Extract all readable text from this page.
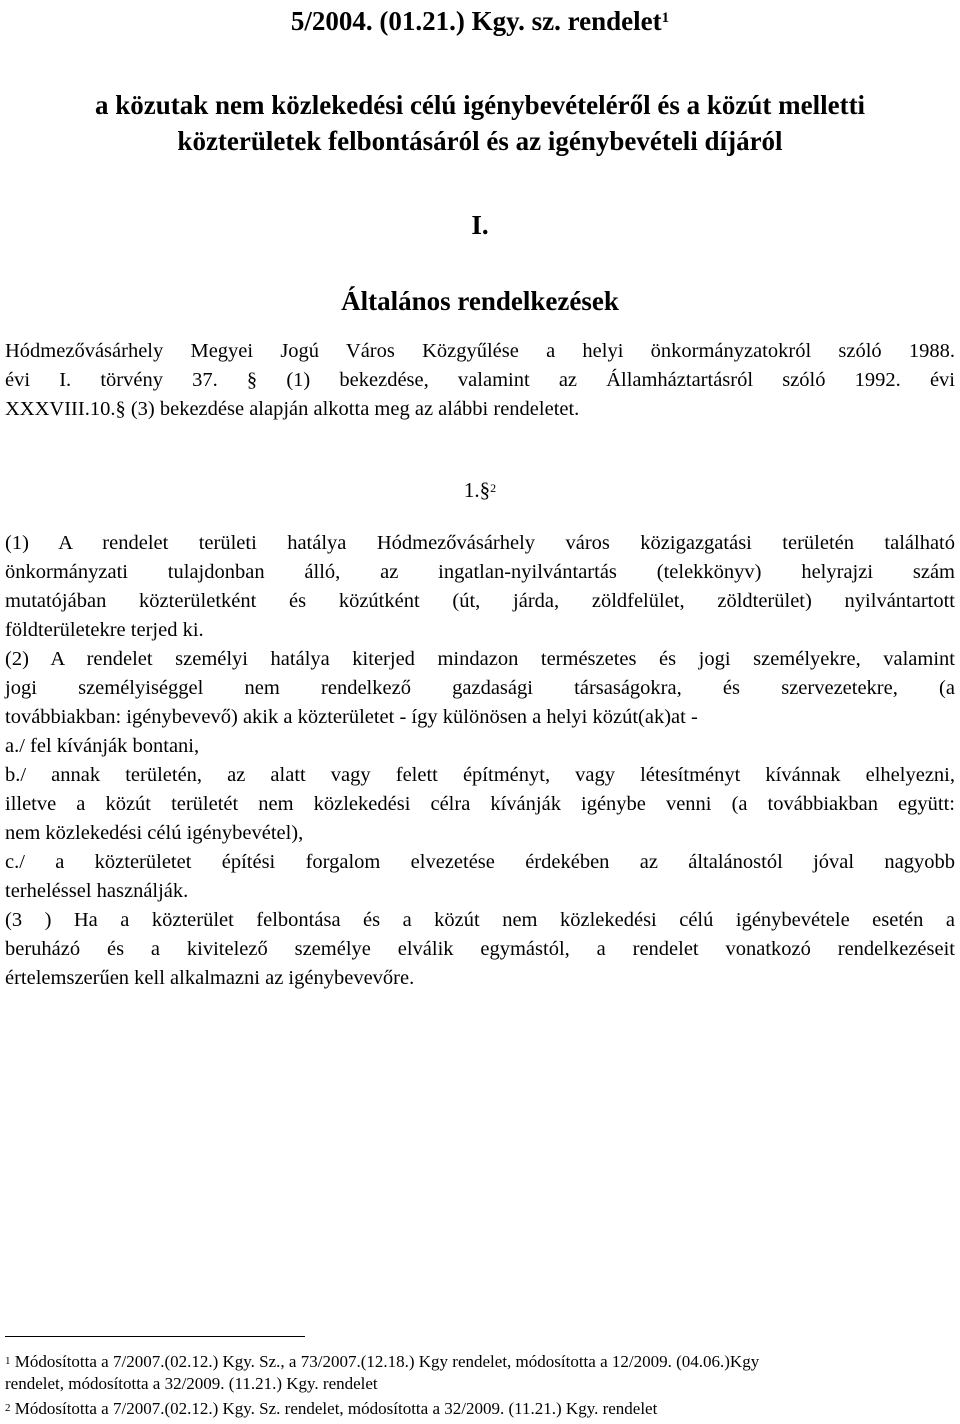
5/2004. (01.21.) Kgy. sz. rendelet$^1$
a közutak nem közlekedési célú igénybevételéről és a közút melletti
közterületek felbontásáról és az igénybevételi díjáról
I.
Általános rendelkezések
Hódmezővásárhely Megyei Jogú Város Közgyűlése a helyi önkormányzatokról szóló 1988.
évi I. törvény 37. § (1) bekezdése, valamint az Államháztartásról szóló 1992. évi
XXXVIII.10.§ (3) bekezdése alapján alkotta meg az alábbi rendeletet.
1.§$^2$
(1) A rendelet területi hatálya Hódmezővásárhely város közigazgatási területén található
önkormányzati tulajdonban álló, az ingatlan-nyilvántartás (telekkönyv) helyrajzi szám
mutatójában közterületként és közútként (út, járda, zöldfelület, zöldterület) nyilvántartott
földterületekre terjed ki.
(2) A rendelet személyi hatálya kiterjed mindazon természetes és jogi személyekre, valamint
jogi személyiséggel nem rendelkező gazdasági társaságokra, és szervezetekre, (a
továbbiakban: igénybevevő) akik a közterületet - így különösen a helyi közút(ak)at -
a./ fel kívánják bontani,
b./ annak területén, az alatt vagy felett építményt, vagy létesítményt kívánnak elhelyezni,
illetve a közút területét nem közlekedési célra kívánják igénybe venni (a továbbiakban együtt:
nem közlekedési célú igénybevétel),
c./ a közterületet építési forgalom elvezetése érdekében az általánostól jóval nagyobb
terheléssel használják.
(3 ) Ha a közterület felbontása és a közút nem közlekedési célú igénybevétele esetén a
beruházó és a kivitelező személye elválik egymástól, a rendelet vonatkozó rendelkezéseit
értelemszerűen kell alkalmazni az igénybevevőre.
$^1$ Módosította a 7/2007.(02.12.) Kgy. Sz., a 73/2007.(12.18.) Kgy rendelet, módosította a 12/2009. (04.06.)Kgy
rendelet, módosította a 32/2009. (11.21.) Kgy. rendelet
$^2$ Módosította a 7/2007.(02.12.) Kgy. Sz. rendelet, módosította a 32/2009. (11.21.) Kgy. rendelet
